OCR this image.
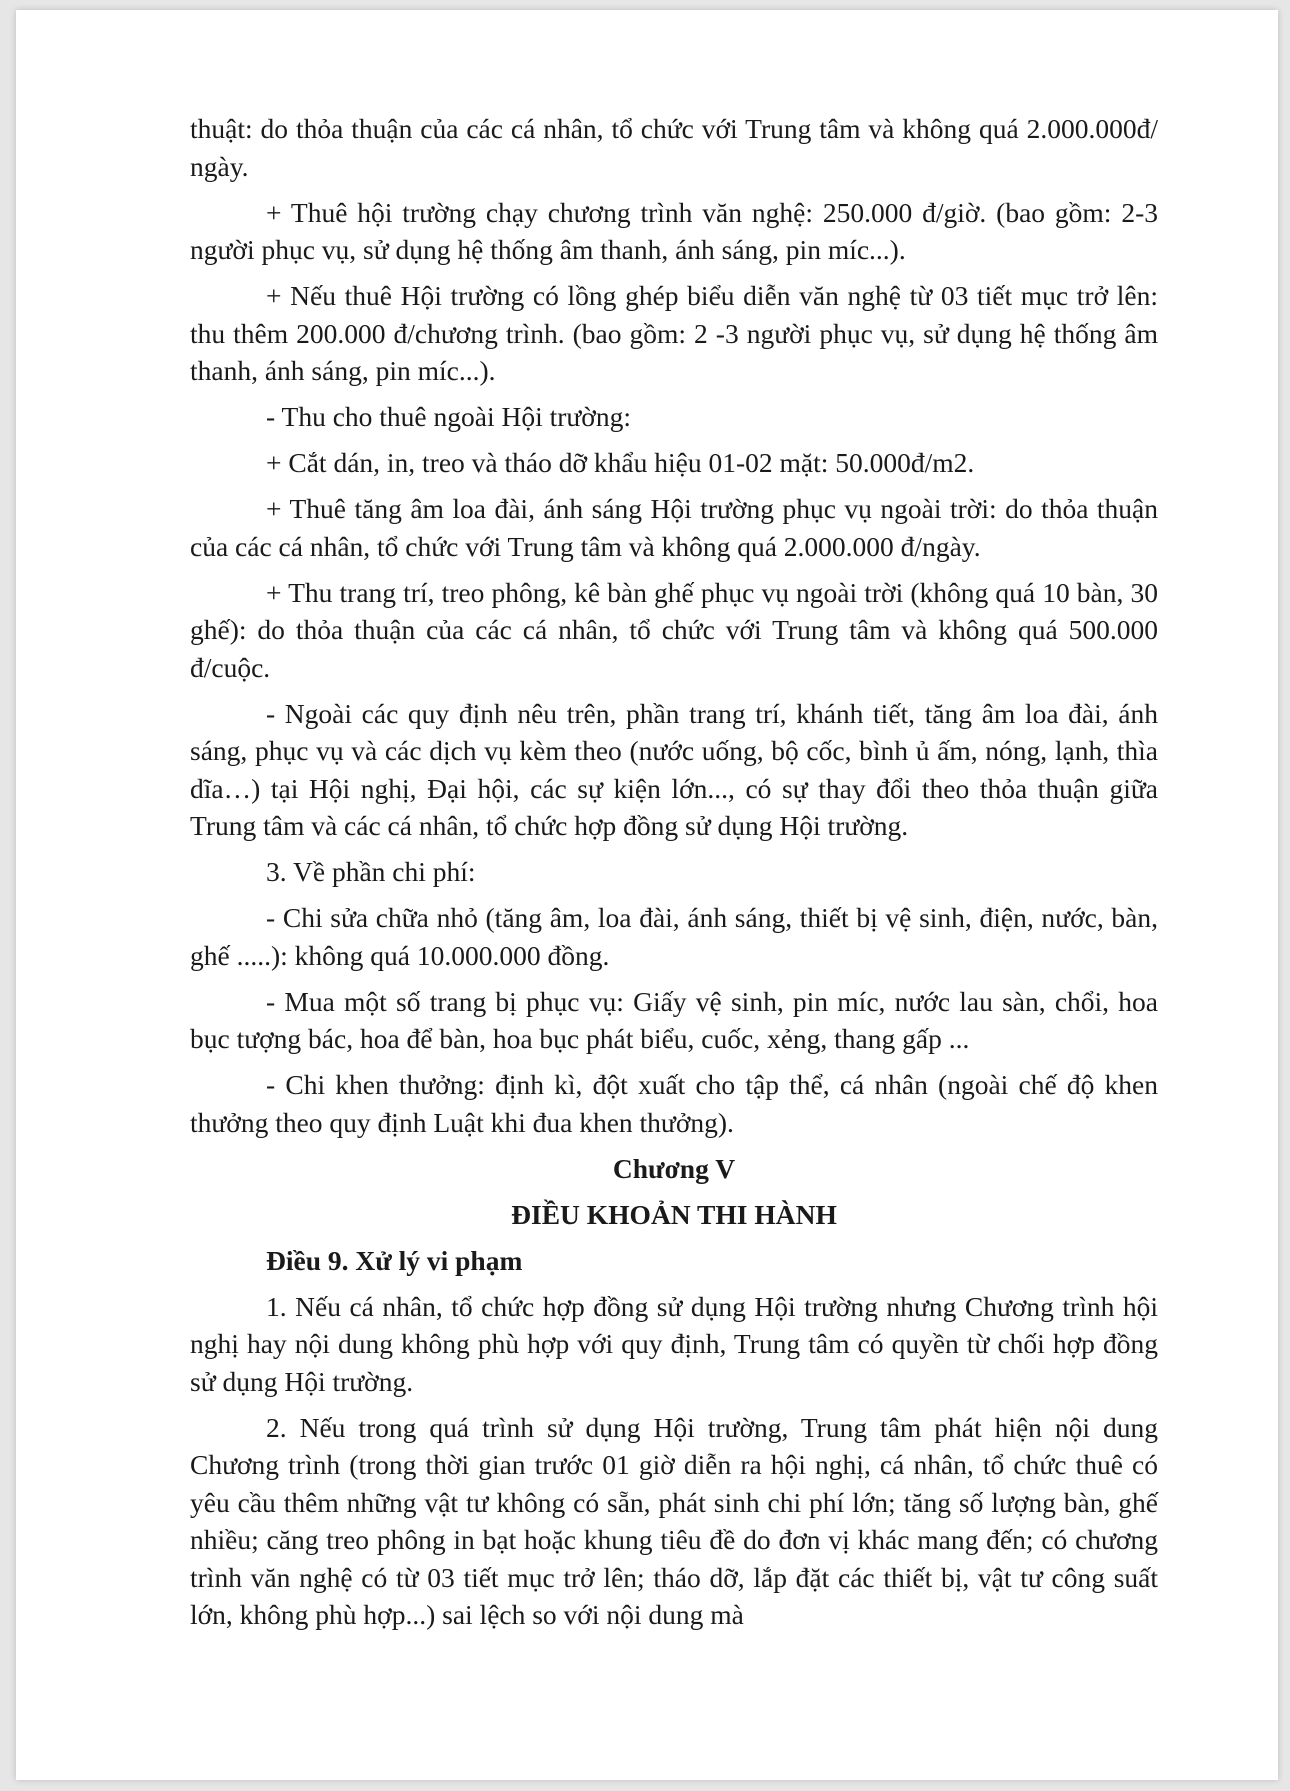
thuật: do thỏa thuận của các cá nhân, tổ chức với Trung tâm và không quá 2.000.000đ/ ngày.

+ Thuê hội trường chạy chương trình văn nghệ: 250.000 đ/giờ. (bao gồm: 2-3 người phục vụ, sử dụng hệ thống âm thanh, ánh sáng, pin míc...).

+ Nếu thuê Hội trường có lồng ghép biểu diễn văn nghệ từ 03 tiết mục trở lên: thu thêm 200.000 đ/chương trình. (bao gồm: 2 -3 người phục vụ, sử dụng hệ thống âm thanh, ánh sáng, pin míc...).

- Thu cho thuê ngoài Hội trường:

+ Cắt dán, in, treo và tháo dỡ khẩu hiệu 01-02 mặt: 50.000đ/m2.

+ Thuê tăng âm loa đài, ánh sáng Hội trường phục vụ ngoài trời: do thỏa thuận của các cá nhân, tổ chức với Trung tâm và không quá 2.000.000 đ/ngày.

+ Thu trang trí, treo phông, kê bàn ghế phục vụ ngoài trời (không quá 10 bàn, 30 ghế): do thỏa thuận của các cá nhân, tổ chức với Trung tâm và không quá 500.000 đ/cuộc.

- Ngoài các quy định nêu trên, phần trang trí, khánh tiết, tăng âm loa đài, ánh sáng, phục vụ và các dịch vụ kèm theo (nước uống, bộ cốc, bình ủ ấm, nóng, lạnh, thìa dĩa…) tại Hội nghị, Đại hội, các sự kiện lớn..., có sự thay đổi theo thỏa thuận giữa Trung tâm và các cá nhân, tổ chức hợp đồng sử dụng Hội trường.

3. Về phần chi phí:

- Chi sửa chữa nhỏ (tăng âm, loa đài, ánh sáng, thiết bị vệ sinh, điện, nước, bàn, ghế .....): không quá 10.000.000 đồng.

- Mua một số trang bị phục vụ: Giấy vệ sinh, pin míc, nước lau sàn, chổi, hoa bục tượng bác, hoa để bàn, hoa bục phát biểu, cuốc, xẻng, thang gấp ...

- Chi khen thưởng: định kì, đột xuất cho tập thể, cá nhân (ngoài chế độ khen thưởng theo quy định Luật khi đua khen thưởng).

Chương V

ĐIỀU KHOẢN THI HÀNH

Điều 9. Xử lý vi phạm

1. Nếu cá nhân, tổ chức hợp đồng sử dụng Hội trường nhưng Chương trình hội nghị hay nội dung không phù hợp với quy định, Trung tâm có quyền từ chối hợp đồng sử dụng Hội trường.

2. Nếu trong quá trình sử dụng Hội trường, Trung tâm phát hiện nội dung Chương trình (trong thời gian trước 01 giờ diễn ra hội nghị, cá nhân, tổ chức thuê có yêu cầu thêm những vật tư không có sẵn, phát sinh chi phí lớn; tăng số lượng bàn, ghế nhiều; căng treo phông in bạt hoặc khung tiêu đề do đơn vị khác mang đến; có chương trình văn nghệ có từ 03 tiết mục trở lên; tháo dỡ, lắp đặt các thiết bị, vật tư công suất lớn, không phù hợp...) sai lệch so với nội dung mà
